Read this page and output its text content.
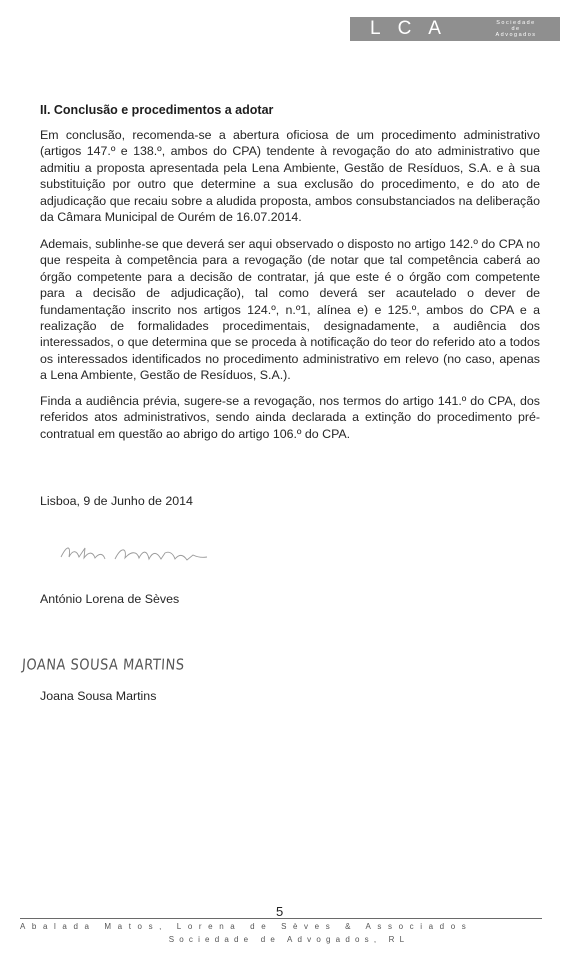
LCA	Sociedade
de
Advogados
II. Conclusão e procedimentos a adotar

Em conclusão, recomenda-se a abertura oficiosa de um procedimento administrativo (artigos 147.º e 138.º, ambos do CPA) tendente à revogação do ato administrativo que admitiu a proposta apresentada pela Lena Ambiente, Gestão de Resíduos, S.A. e à sua substituição por outro que determine a sua exclusão do procedimento, e do ato de adjudicação que recaiu sobre a aludida proposta, ambos consubstanciados na deliberação da Câmara Municipal de Ourém de 16.07.2014.

Ademais, sublinhe-se que deverá ser aqui observado o disposto no artigo 142.º do CPA no que respeita à competência para a revogação (de notar que tal competência caberá ao órgão competente para a decisão de contratar, já que este é o órgão com competente para a decisão de adjudicação), tal como deverá ser acautelado o dever de fundamentação inscrito nos artigos 124.º, n.º1, alínea e) e 125.º, ambos do CPA e a realização de formalidades procedimentais, designadamente, a audiência dos interessados, o que determina que se proceda à notificação do teor do referido ato a todos os interessados identificados no procedimento administrativo em relevo (no caso, apenas a Lena Ambiente, Gestão de Resíduos, S.A.).

Finda a audiência prévia, sugere-se a revogação, nos termos do artigo 141.º do CPA, dos referidos atos administrativos, sendo ainda declarada a extinção do procedimento pré-contratual em questão ao abrigo do artigo 106.º do CPA.

Lisboa, 9 de Junho de 2014
António Lorena de Sèves
JOANA SOUSA MARTINS
Joana Sousa Martins
5
Abalada Matos, Lorena de Sèves & Associados
Sociedade de Advogados, RL
